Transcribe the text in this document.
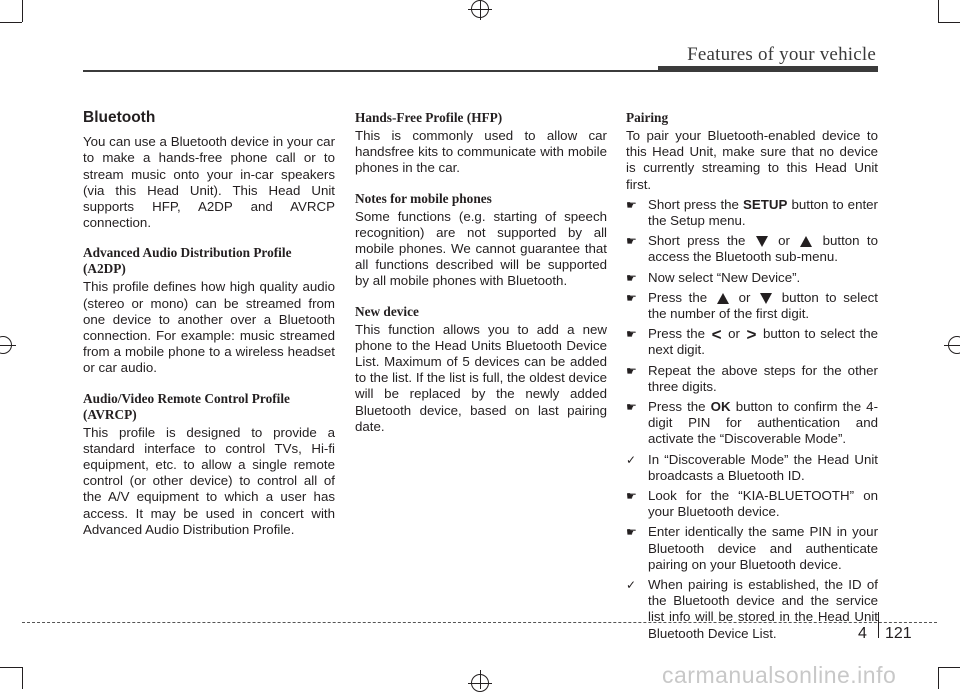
Features of your vehicle
Bluetooth

You can use a Bluetooth device in your car to make a hands-free phone call or to stream music onto your in-car speakers (via this Head Unit). This Head Unit supports HFP, A2DP and AVRCP connection.

Advanced Audio Distribution Profile (A2DP)

This profile defines how high quality audio (stereo or mono) can be streamed from one device to another over a Bluetooth connection. For example: music streamed from a mobile phone to a wireless headset or car audio.

Audio/Video Remote Control Profile (AVRCP)

This profile is designed to provide a standard interface to control TVs, Hi-fi equipment, etc. to allow a single remote control (or other device) to control all of the A/V equipment to which a user has access. It may be used in concert with Advanced Audio Distribution Profile.

Hands-Free Profile (HFP)

This is commonly used to allow car handsfree kits to communicate with mobile phones in the car.

Notes for mobile phones

Some functions (e.g. starting of speech recognition) are not supported by all mobile phones. We cannot guarantee that all functions described will be supported by all mobile phones with Bluetooth.

New device

This function allows you to add a new phone to the Head Units Bluetooth Device List. Maximum of 5 devices can be added to the list. If the list is full, the oldest device will be replaced by the newly added Bluetooth device, based on last pairing date.

Pairing

To pair your Bluetooth-enabled device to this Head Unit, make sure that no device is currently streaming to this Head Unit first.

☛ Short press the SETUP button to enter the Setup menu.
☛ Short press the  or  button to access the Bluetooth sub-menu.
☛ Now select “New Device”.
☛ Press the  or  button to select the number of the first digit.
☛ Press the < or > button to select the next digit.
☛ Repeat the above steps for the other three digits.
☛ Press the OK button to confirm the 4-digit PIN for authentication and activate the “Discoverable Mode”.
✓ In “Discoverable Mode” the Head Unit broadcasts a Bluetooth ID.
☛ Look for the “KIA-BLUETOOTH” on your Bluetooth device.
☛ Enter identically the same PIN in your Bluetooth device and authenticate pairing on your Bluetooth device.
✓ When pairing is established, the ID of the Bluetooth device and the service list info will be stored in the Head Unit Bluetooth Device List.	4 121
carmanualsonline.info
